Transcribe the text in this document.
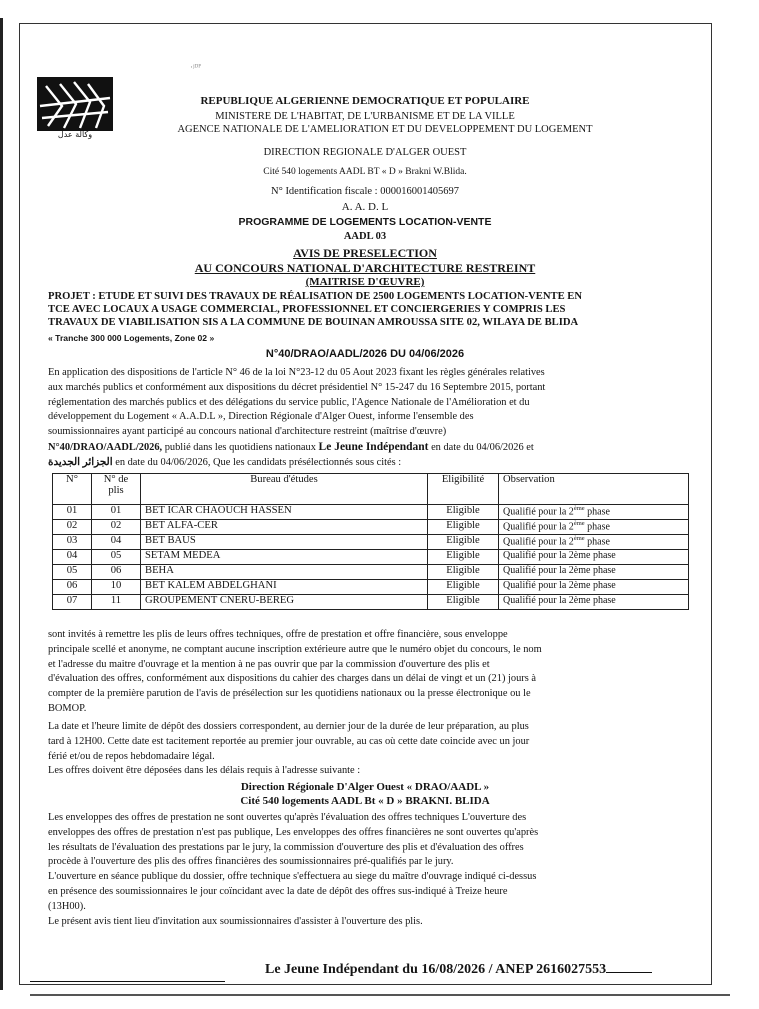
·ʲᴰᴾ
وكالة عدل
REPUBLIQUE ALGERIENNE DEMOCRATIQUE ET POPULAIRE
MINISTERE DE L'HABITAT, DE L'URBANISME ET DE LA VILLE
AGENCE NATIONALE DE L'AMELIORATION ET DU DEVELOPPEMENT DU LOGEMENT
DIRECTION REGIONALE D'ALGER OUEST
Cité 540 logements AADL BT « D » Brakni W.Blida.
N° Identification fiscale : 000016001405697
A. A. D. L
PROGRAMME DE LOGEMENTS LOCATION-VENTE
AADL 03
AVIS DE PRESELECTION
AU CONCOURS NATIONAL D'ARCHITECTURE RESTREINT
(MAITRISE D'ŒUVRE)
PROJET : ETUDE ET SUIVI DES TRAVAUX DE RÉALISATION DE 2500 LOGEMENTS LOCATION-VENTE EN
TCE AVEC LOCAUX A USAGE COMMERCIAL, PROFESSIONNEL ET CONCIERGERIES Y COMPRIS LES
TRAVAUX DE VIABILISATION SIS A LA COMMUNE DE BOUINAN AMROUSSA SITE 02, WILAYA DE BLIDA
« Tranche 300 000 Logements, Zone 02 »
N°40/DRAO/AADL/2026 DU 04/06/2026
En application des dispositions de l'article N° 46 de la loi N°23-12 du 05 Aout 2023 fixant les règles générales relatives
aux marchés publics et conformément aux dispositions du décret présidentiel N° 15-247 du 16 Septembre 2015, portant
réglementation des marchés publics et des délégations du service public, l'Agence Nationale de l'Amélioration et du
développement du Logement « A.A.D.L », Direction Régionale d'Alger Ouest, informe l'ensemble des
soumissionnaires ayant participé au concours national d'architecture restreint (maîtrise d'œuvre)
N°40/DRAO/AADL/2026, publié dans les quotidiens nationaux Le Jeune Indépendant en date du 04/06/2026 et
الجزائر الجديدة en date du 04/06/2026, Que les candidats présélectionnés sous cités :
N°	N° de plis	Bureau d'études	Eligibilité	Observation
01	01	BET ICAR CHAOUCH HASSEN	Eligible	Qualifié pour la 2ème phase
02	02	BET ALFA-CER	Eligible	Qualifié pour la 2ème phase
03	04	BET BAUS	Eligible	Qualifié pour la 2ème phase
04	05	SETAM MEDEA	Eligible	Qualifié pour la 2ème phase
05	06	BEHA	Eligible	Qualifié pour la 2ème phase
06	10	BET KALEM ABDELGHANI	Eligible	Qualifié pour la 2ème phase
07	11	GROUPEMENT CNERU-BEREG	Eligible	Qualifié pour la 2ème phase
sont invités à remettre les plis de leurs offres techniques, offre de prestation et offre financière, sous enveloppe
principale scellé et anonyme, ne comptant aucune inscription extérieure autre que le numéro objet du concours, le nom
et l'adresse du maitre d'ouvrage et la mention à ne pas ouvrir que par la commission d'ouverture des plis et
d'évaluation des offres, conformément aux dispositions du cahier des charges dans un délai de vingt et un (21) jours à
compter de la première parution de l'avis de présélection sur les quotidiens nationaux ou la presse électronique ou le
BOMOP.
La date et l'heure limite de dépôt des dossiers correspondent, au dernier jour de la durée de leur préparation, au plus
tard à 12H00. Cette date est tacitement reportée au premier jour ouvrable, au cas où cette date coincide avec un jour
férié et/ou de repos hebdomadaire légal.
Les offres doivent être déposées dans les délais requis à l'adresse suivante :
Direction Régionale D'Alger Ouest « DRAO/AADL »
Cité 540 logements AADL Bt « D » BRAKNI. BLIDA
Les enveloppes des offres de prestation ne sont ouvertes qu'après l'évaluation des offres techniques L'ouverture des
enveloppes des offres de prestation n'est pas publique, Les enveloppes des offres financières ne sont ouvertes qu'après
les résultats de l'évaluation des prestations par le jury, la commission d'ouverture des plis et d'évaluation des offres
procède à l'ouverture des plis des offres financières des soumissionnaires pré-qualifiés par le jury.
L'ouverture en séance publique du dossier, offre technique s'effectuera au siege du maître d'ouvrage indiqué ci-dessus
en présence des soumissionnaires le jour coïncidant avec la date de dépôt des offres sus-indiqué à Treize heure
(13H00).
Le présent avis tient lieu d'invitation aux soumissionnaires d'assister à l'ouverture des plis.
Le Jeune Indépendant du 16/08/2026 / ANEP 2616027553
